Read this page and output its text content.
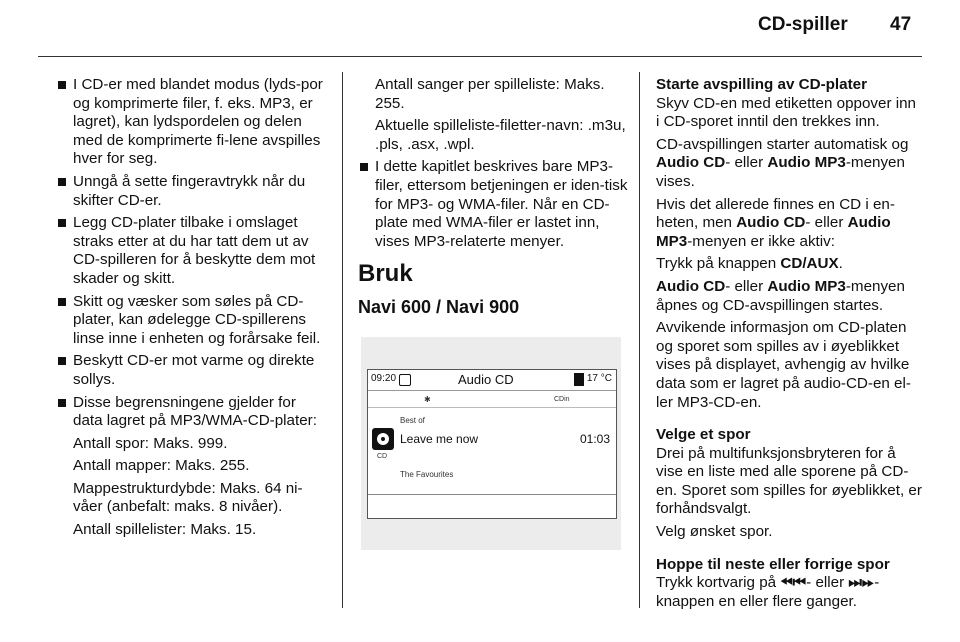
CD-spiller 47
I CD-er med blandet modus (lyds-por og komprimerte filer, f. eks. MP3, er lagret), kan lydspordelen og delen med de komprimerte fi-lene avspilles hver for seg.
Unngå å sette fingeravtrykk når du skifter CD-er.
Legg CD-plater tilbake i omslaget straks etter at du har tatt dem ut av CD-spilleren for å beskytte dem mot skader og skitt.
Skitt og væsker som søles på CD-plater, kan ødelegge CD-spillerens linse inne i enheten og forårsake feil.
Beskytt CD-er mot varme og direkte sollys.
Disse begrensningene gjelder for data lagret på MP3/WMA-CD-plater:
Antall spor: Maks. 999.
Antall mapper: Maks. 255.
Mappestrukturdybde: Maks. 64 ni-våer (anbefalt: maks. 8 nivåer).
Antall spillelister: Maks. 15.
Antall sanger per spilleliste: Maks. 255.
Aktuelle spilleliste-filetter-navn: .m3u, .pls, .asx, .wpl.
I dette kapitlet beskrives bare MP3-filer, ettersom betjeningen er iden-tisk for MP3- og WMA-filer. Når en CD-plate med WMA-filer er lastet inn, vises MP3-relaterte menyer.
Bruk
Navi 600 / Navi 900
09:20	Audio CD	17 °C
✱	CDin
Best of
Leave me now	01:03
CD
The Favourites
Starte avspilling av CD-plater
Skyv CD-en med etiketten oppover inn i CD-sporet inntil den trekkes inn.
CD-avspillingen starter automatisk og Audio CD- eller Audio MP3-menyen vises.
Hvis det allerede finnes en CD i en-heten, men Audio CD- eller Audio MP3-menyen er ikke aktiv:
Trykk på knappen CD/AUX.
Audio CD- eller Audio MP3-menyen åpnes og CD-avspillingen startes.
Avvikende informasjon om CD-platen og sporet som spilles av i øyeblikket vises på displayet, avhengig av hvilke data som er lagret på audio-CD-en el-ler MP3-CD-en.
Velge et spor
Drei på multifunksjonsbryteren for å vise en liste med alle sporene på CD-en. Sporet som spilles for øyeblikket, er forhåndsvalgt.
Velg ønsket spor.
Hoppe til neste eller forrige spor
Trykk kortvarig på ⏪︎⏮︎- eller ⏭︎⏩︎-knappen en eller flere ganger.
